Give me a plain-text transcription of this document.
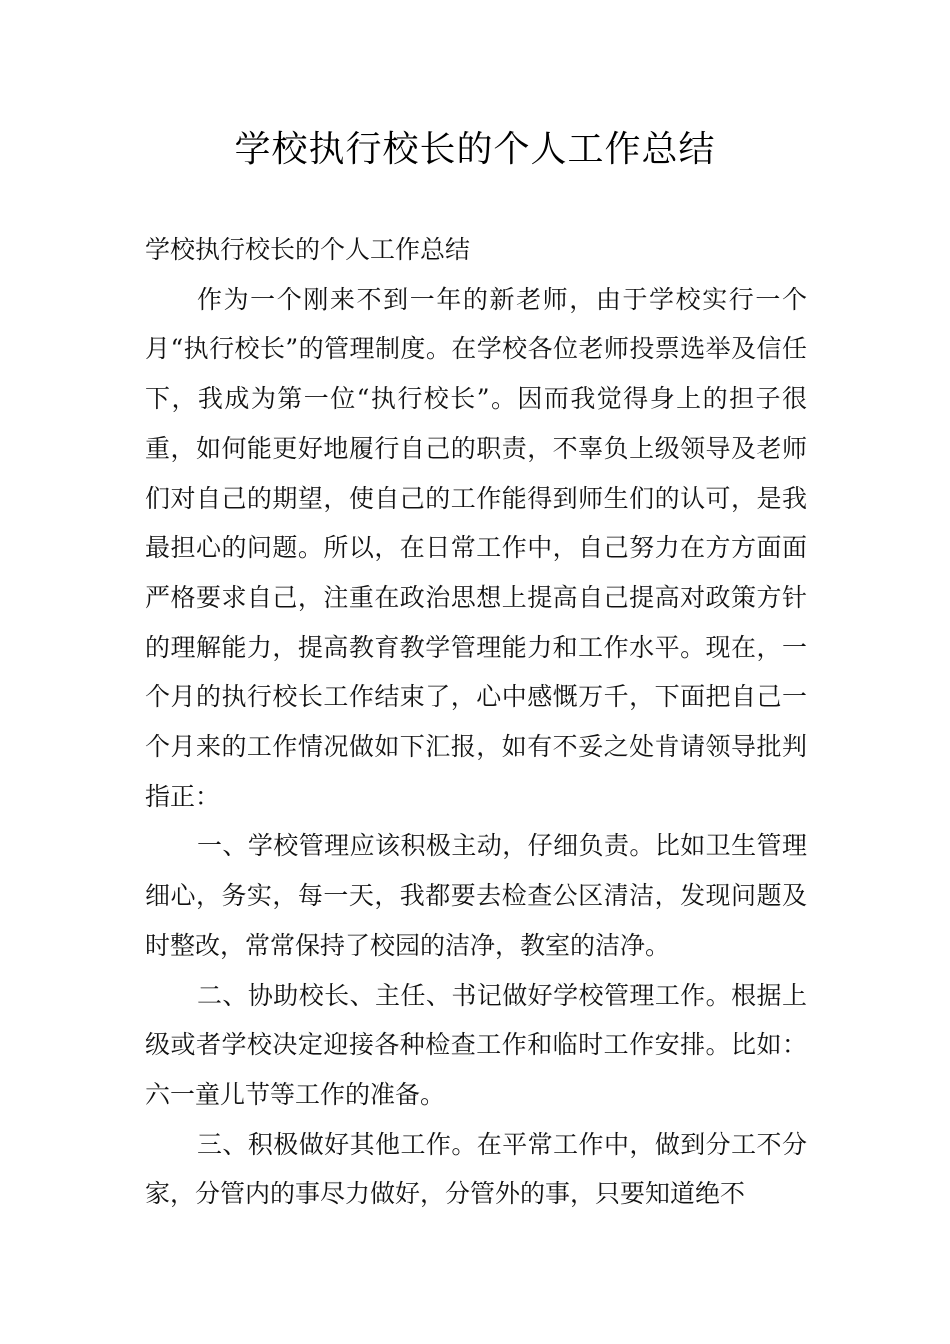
学校执行校长的个人工作总结

学校执行校长的个人工作总结

作为一个刚来不到一年的新老师，由于学校实行一个月“执行校长”的管理制度。在学校各位老师投票选举及信任下，我成为第一位“执行校长”。因而我觉得身上的担子很重，如何能更好地履行自己的职责，不辜负上级领导及老师们对自己的期望，使自己的工作能得到师生们的认可，是我最担心的问题。所以，在日常工作中，自己努力在方方面面严格要求自己，注重在政治思想上提高自己提高对政策方针的理解能力，提高教育教学管理能力和工作水平。现在，一个月的执行校长工作结束了，心中感慨万千，下面把自己一个月来的工作情况做如下汇报，如有不妥之处肯请领导批判指正：

一、学校管理应该积极主动，仔细负责。比如卫生管理细心，务实，每一天，我都要去检查公区清洁，发现问题及时整改，常常保持了校园的洁净，教室的洁净。

二、协助校长、主任、书记做好学校管理工作。根据上级或者学校决定迎接各种检查工作和临时工作安排。比如：六一童儿节等工作的准备。

三、积极做好其他工作。在平常工作中，做到分工不分家，分管内的事尽力做好，分管外的事，只要知道绝不
